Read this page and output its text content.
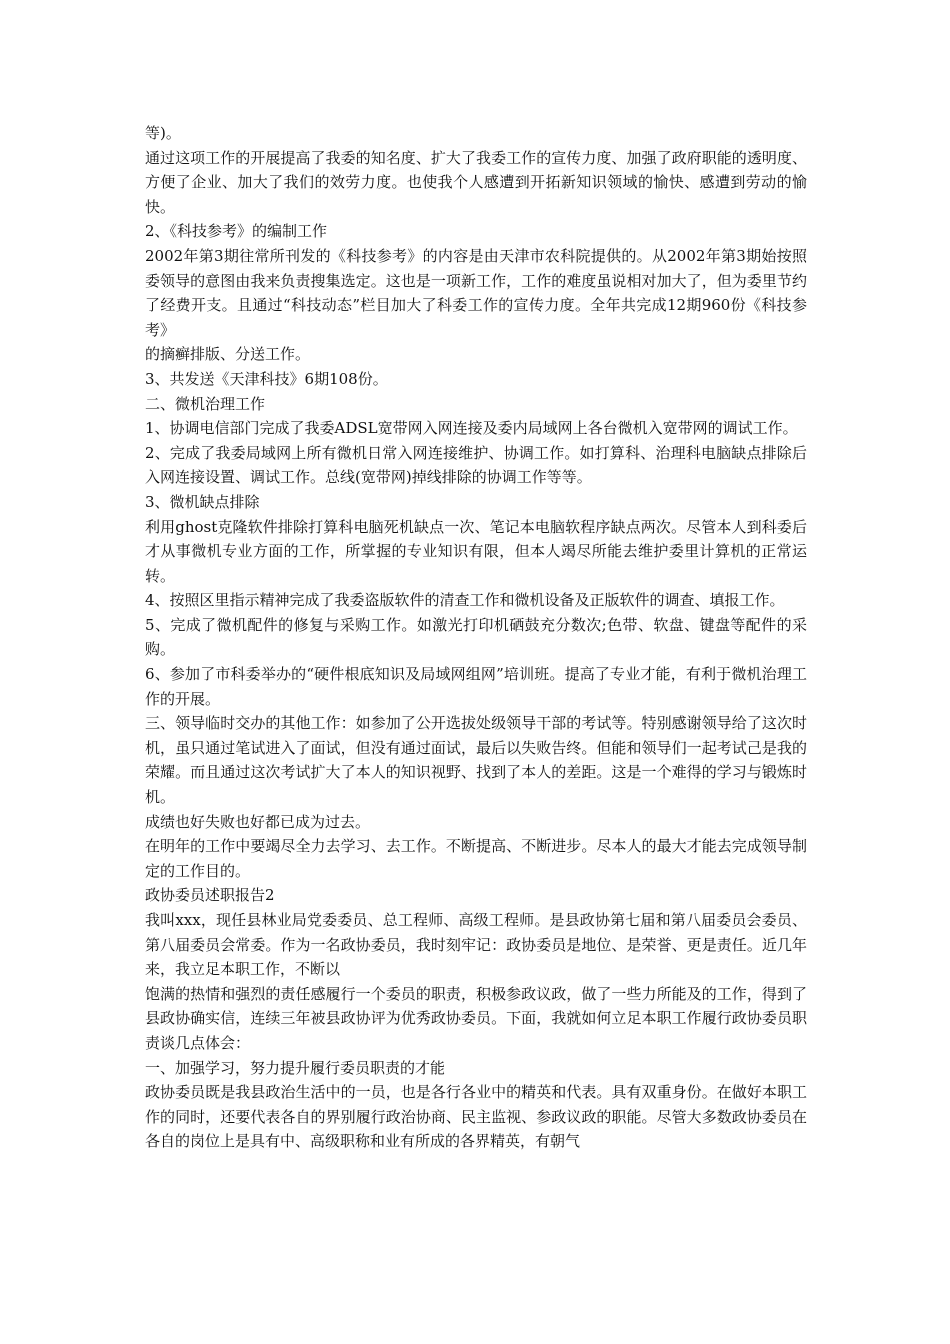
等)。

通过这项工作的开展提高了我委的知名度、扩大了我委工作的宣传力度、加强了政府职能的透明度、方便了企业、加大了我们的效劳力度。也使我个人感遭到开拓新知识领域的愉快、感遭到劳动的愉快。

2、《科技参考》的编制工作

2002年第3期往常所刊发的《科技参考》的内容是由天津市农科院提供的。从2002年第3期始按照委领导的意图由我来负责搜集选定。这也是一项新工作，工作的难度虽说相对加大了，但为委里节约了经费开支。且通过“科技动态”栏目加大了科委工作的宣传力度。全年共完成12期960份《科技参考》

的摘癣排版、分送工作。

3、共发送《天津科技》6期108份。

二、微机治理工作

1、协调电信部门完成了我委ADSL宽带网入网连接及委内局域网上各台微机入宽带网的调试工作。

2、完成了我委局域网上所有微机日常入网连接维护、协调工作。如打算科、治理科电脑缺点排除后入网连接设置、调试工作。总线(宽带网)掉线排除的协调工作等等。

3、微机缺点排除

利用ghost克隆软件排除打算科电脑死机缺点一次、笔记本电脑软程序缺点两次。尽管本人到科委后才从事微机专业方面的工作，所掌握的专业知识有限，但本人竭尽所能去维护委里计算机的正常运转。

4、按照区里指示精神完成了我委盗版软件的清查工作和微机设备及正版软件的调查、填报工作。

5、完成了微机配件的修复与采购工作。如激光打印机硒鼓充分数次;色带、软盘、键盘等配件的采购。

6、参加了市科委举办的“硬件根底知识及局域网组网”培训班。提高了专业才能，有利于微机治理工作的开展。

三、领导临时交办的其他工作：如参加了公开选拔处级领导干部的考试等。特别感谢领导给了这次时机，虽只通过笔试进入了面试，但没有通过面试，最后以失败告终。但能和领导们一起考试己是我的荣耀。而且通过这次考试扩大了本人的知识视野、找到了本人的差距。这是一个难得的学习与锻炼时机。

成绩也好失败也好都已成为过去。

在明年的工作中要竭尽全力去学习、去工作。不断提高、不断进步。尽本人的最大才能去完成领导制定的工作目的。

政协委员述职报告2

我叫xxx，现任县林业局党委委员、总工程师、高级工程师。是县政协第七届和第八届委员会委员、第八届委员会常委。作为一名政协委员，我时刻牢记：政协委员是地位、是荣誉、更是责任。近几年来，我立足本职工作，不断以

饱满的热情和强烈的责任感履行一个委员的职责，积极参政议政，做了一些力所能及的工作，得到了县政协确实信，连续三年被县政协评为优秀政协委员。下面，我就如何立足本职工作履行政协委员职责谈几点体会：

一、加强学习，努力提升履行委员职责的才能

政协委员既是我县政治生活中的一员，也是各行各业中的精英和代表。具有双重身份。在做好本职工作的同时，还要代表各自的界别履行政治协商、民主监视、参政议政的职能。尽管大多数政协委员在各自的岗位上是具有中、高级职称和业有所成的各界精英，有朝气
